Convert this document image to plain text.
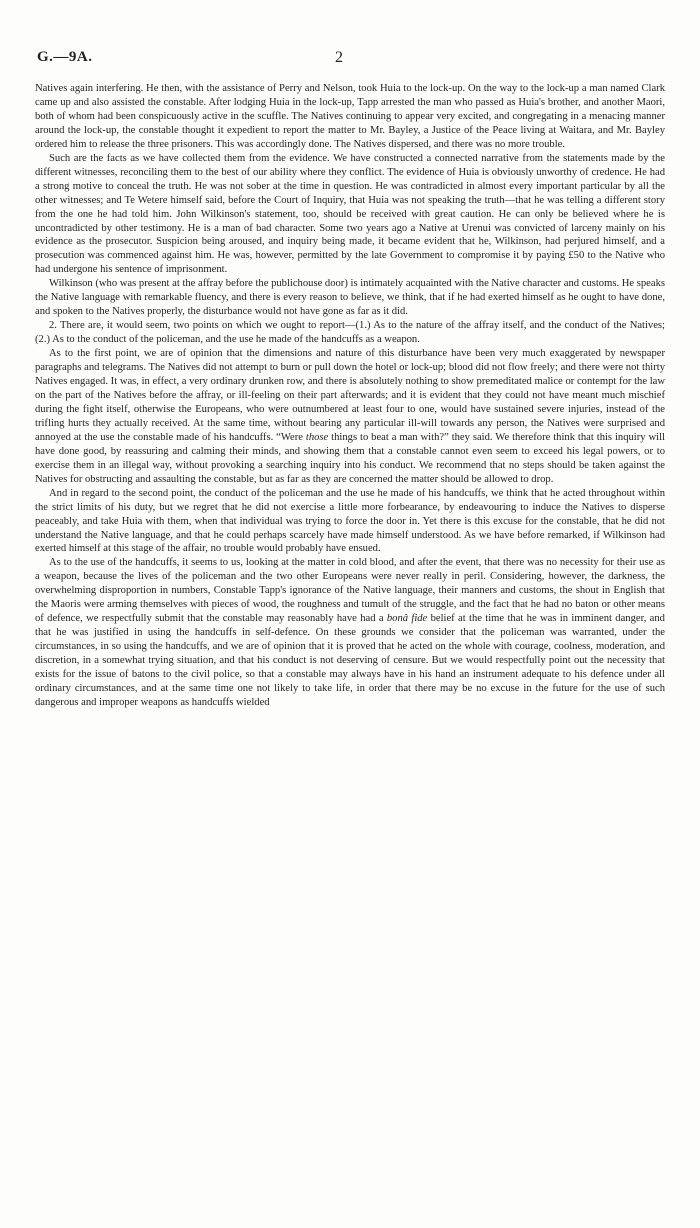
G.—9A.	2

Natives again interfering. He then, with the assistance of Perry and Nelson, took Huia to the lock-up. On the way to the lock-up a man named Clark came up and also assisted the constable. After lodging Huia in the lock-up, Tapp arrested the man who passed as Huia's brother, and another Maori, both of whom had been conspicuously active in the scuffle. The Natives continuing to appear very excited, and congregating in a menacing manner around the lock-up, the constable thought it expedient to report the matter to Mr. Bayley, a Justice of the Peace living at Waitara, and Mr. Bayley ordered him to release the three prisoners. This was accordingly done. The Natives dispersed, and there was no more trouble.

Such are the facts as we have collected them from the evidence. We have constructed a connected narrative from the statements made by the different witnesses, reconciling them to the best of our ability where they conflict. The evidence of Huia is obviously unworthy of credence. He had a strong motive to conceal the truth. He was not sober at the time in question. He was contradicted in almost every important particular by all the other witnesses; and Te Wetere himself said, before the Court of Inquiry, that Huia was not speaking the truth—that he was telling a different story from the one he had told him. John Wilkinson's statement, too, should be received with great caution. He can only be believed where he is uncontradicted by other testimony. He is a man of bad character. Some two years ago a Native at Urenui was convicted of larceny mainly on his evidence as the prosecutor. Suspicion being aroused, and inquiry being made, it became evident that he, Wilkinson, had perjured himself, and a prosecution was commenced against him. He was, however, permitted by the late Government to compromise it by paying £50 to the Native who had undergone his sentence of imprisonment.

Wilkinson (who was present at the affray before the publichouse door) is intimately acquainted with the Native character and customs. He speaks the Native language with remarkable fluency, and there is every reason to believe, we think, that if he had exerted himself as he ought to have done, and spoken to the Natives properly, the disturbance would not have gone as far as it did.

2. There are, it would seem, two points on which we ought to report—(1.) As to the nature of the affray itself, and the conduct of the Natives; (2.) As to the conduct of the policeman, and the use he made of the handcuffs as a weapon.

As to the first point, we are of opinion that the dimensions and nature of this disturbance have been very much exaggerated by newspaper paragraphs and telegrams. The Natives did not attempt to burn or pull down the hotel or lock-up; blood did not flow freely; and there were not thirty Natives engaged. It was, in effect, a very ordinary drunken row, and there is absolutely nothing to show premeditated malice or contempt for the law on the part of the Natives before the affray, or ill-feeling on their part afterwards; and it is evident that they could not have meant much mischief during the fight itself, otherwise the Europeans, who were outnumbered at least four to one, would have sustained severe injuries, instead of the trifling hurts they actually received. At the same time, without bearing any particular ill-will towards any person, the Natives were surprised and annoyed at the use the constable made of his handcuffs. “Were those things to beat a man with?” they said. We therefore think that this inquiry will have done good, by reassuring and calming their minds, and showing them that a constable cannot even seem to exceed his legal powers, or to exercise them in an illegal way, without provoking a searching inquiry into his conduct. We recommend that no steps should be taken against the Natives for obstructing and assaulting the constable, but as far as they are concerned the matter should be allowed to drop.

And in regard to the second point, the conduct of the policeman and the use he made of his handcuffs, we think that he acted throughout within the strict limits of his duty, but we regret that he did not exercise a little more forbearance, by endeavouring to induce the Natives to disperse peaceably, and take Huia with them, when that individual was trying to force the door in. Yet there is this excuse for the constable, that he did not understand the Native language, and that he could perhaps scarcely have made himself understood. As we have before remarked, if Wilkinson had exerted himself at this stage of the affair, no trouble would probably have ensued.

As to the use of the handcuffs, it seems to us, looking at the matter in cold blood, and after the event, that there was no necessity for their use as a weapon, because the lives of the policeman and the two other Europeans were never really in peril. Considering, however, the darkness, the overwhelming disproportion in numbers, Constable Tapp's ignorance of the Native language, their manners and customs, the shout in English that the Maoris were arming themselves with pieces of wood, the roughness and tumult of the struggle, and the fact that he had no baton or other means of defence, we respectfully submit that the constable may reasonably have had a bonâ fide belief at the time that he was in imminent danger, and that he was justified in using the handcuffs in self-defence. On these grounds we consider that the policeman was warranted, under the circumstances, in so using the handcuffs, and we are of opinion that it is proved that he acted on the whole with courage, coolness, moderation, and discretion, in a somewhat trying situation, and that his conduct is not deserving of censure. But we would respectfully point out the necessity that exists for the issue of batons to the civil police, so that a constable may always have in his hand an instrument adequate to his defence under all ordinary circumstances, and at the same time one not likely to take life, in order that there may be no excuse in the future for the use of such dangerous and improper weapons as handcuffs wielded
